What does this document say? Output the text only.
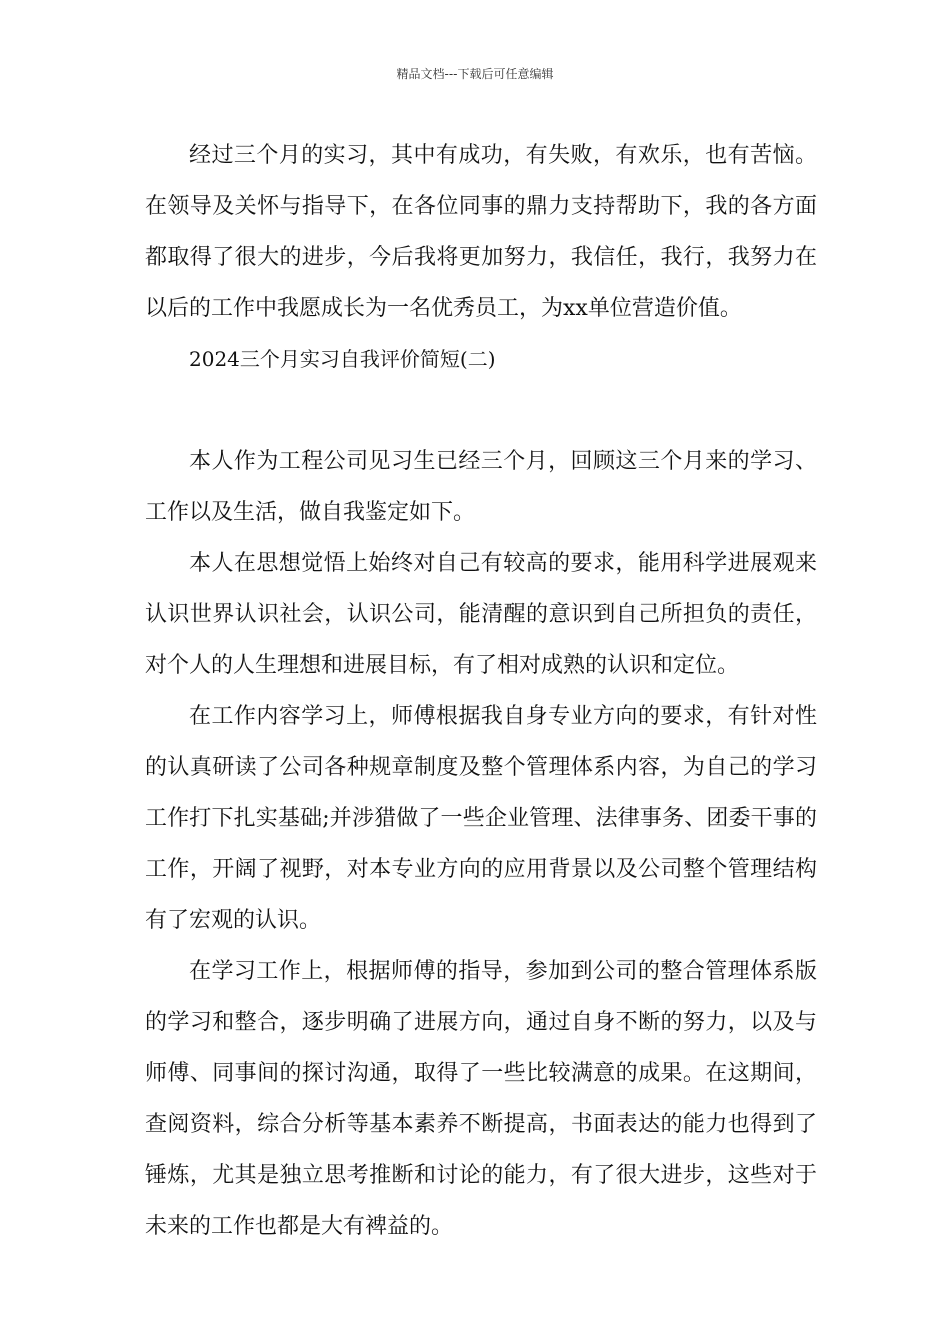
精品文档---下载后可任意编辑

经过三个月的实习，其中有成功，有失败，有欢乐，也有苦恼。在领导及关怀与指导下，在各位同事的鼎力支持帮助下，我的各方面都取得了很大的进步，今后我将更加努力，我信任，我行，我努力在以后的工作中我愿成长为一名优秀员工，为xx单位营造价值。

2024三个月实习自我评价简短(二)

本人作为工程公司见习生已经三个月，回顾这三个月来的学习、工作以及生活，做自我鉴定如下。

本人在思想觉悟上始终对自己有较高的要求，能用科学进展观来认识世界认识社会，认识公司，能清醒的意识到自己所担负的责任，对个人的人生理想和进展目标，有了相对成熟的认识和定位。

在工作内容学习上，师傅根据我自身专业方向的要求，有针对性的认真研读了公司各种规章制度及整个管理体系内容，为自己的学习工作打下扎实基础;并涉猎做了一些企业管理、法律事务、团委干事的工作，开阔了视野，对本专业方向的应用背景以及公司整个管理结构有了宏观的认识。

在学习工作上，根据师傅的指导，参加到公司的整合管理体系版的学习和整合，逐步明确了进展方向，通过自身不断的努力，以及与师傅、同事间的探讨沟通，取得了一些比较满意的成果。在这期间，查阅资料，综合分析等基本素养不断提高，书面表达的能力也得到了锤炼，尤其是独立思考推断和讨论的能力，有了很大进步，这些对于未来的工作也都是大有裨益的。
